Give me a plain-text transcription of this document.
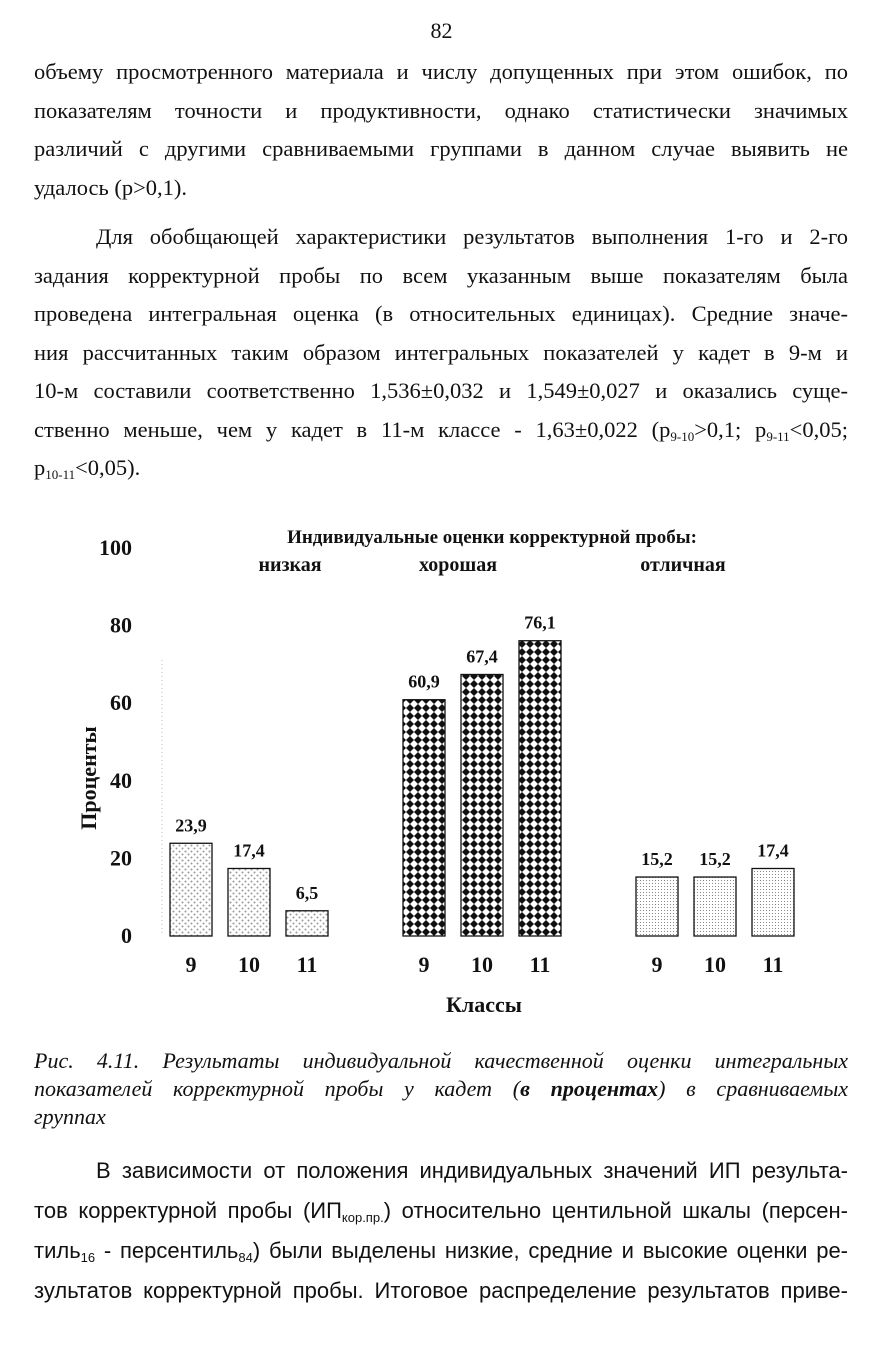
82
объему просмотренного материала и числу допущенных при этом ошибок, по
показателям точности и продуктивности, однако статистически значимых
различий с другими сравниваемыми группами в данном случае выявить не
удалось (р>0,1).
Для обобщающей характеристики результатов выполнения 1-го и 2-го
задания корректурной пробы по всем указанным выше показателям была
проведена интегральная оценка (в относительных единицах). Средние значе-
ния рассчитанных таким образом интегральных показателей у кадет в 9-м и
10-м составили соответственно 1,536±0,032 и 1,549±0,027 и оказались суще-
ственно меньше, чем у кадет в 11-м классе - 1,63±0,022 ($р_{9-10}>0,1$; $р_{9-11}<0,05$;
$р_{10-11}<0,05$).
Индивидуальные оценки корректурной пробы:
низкая	хорошая	отличная
0
20
40
60
80
100
Проценты	23,9
17,4
6,5
60,9
67,4
76,1
15,2 15,2 17,4
9 10 11	9 10 11	9 10 11
Классы
Рис. 4.11. Результаты индивидуальной качественной оценки интегральных
показателей корректурной пробы у кадет (в процентах) в сравниваемых
группах
В зависимости от положения индивидуальных значений ИП результа-
тов корректурной пробы $(ИП_{кор.пр.})$ относительно центильной шкалы (персен-
тиль$_{16}$ - персентиль$_{84}$) были выделены низкие, средние и высокие оценки ре-
зультатов корректурной пробы. Итоговое распределение результатов приве-
